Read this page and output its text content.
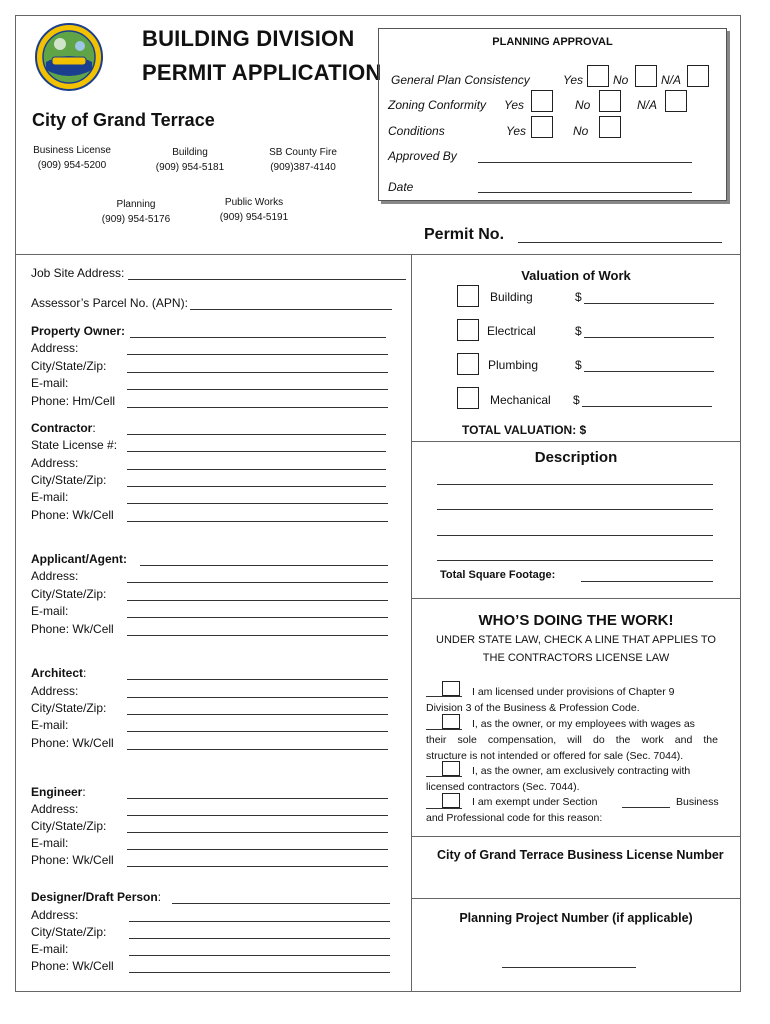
BUILDING DIVISION
PERMIT APPLICATION
City of Grand Terrace
Business License
(909) 954-5200
Building
(909) 954-5181
SB County Fire
(909)387-4140
Planning
(909) 954-5176
Public Works
(909) 954-5191
PLANNING APPROVAL
General Plan Consistency	Yes No	N/A
Zoning Conformity Yes	No	N/A
Conditions	Yes	No
Approved By
Date
Permit No.
Job Site Address:
Assessor’s Parcel No. (APN):
Property Owner:
Address:
City/State/Zip:
E-mail:
Phone: Hm/Cell
Contractor:
State License #:
Address:
City/State/Zip:
E-mail:
Phone: Wk/Cell
Applicant/Agent:
Address:
City/State/Zip:
E-mail:
Phone: Wk/Cell
Architect:
Address:
City/State/Zip:
E-mail:
Phone: Wk/Cell
Engineer:
Address:
City/State/Zip:
E-mail:
Phone: Wk/Cell
Designer/Draft Person:
Address:
City/State/Zip:
E-mail:
Phone: Wk/Cell
Valuation of Work
Building	$
Electrical	$
Plumbing	$
Mechanical $
TOTAL VALUATION: $
Description
Total Square Footage:
WHO’S DOING THE WORK!
UNDER STATE LAW, CHECK A LINE THAT APPLIES TO
THE CONTRACTORS LICENSE LAW
I am licensed under provisions of Chapter 9
Division 3 of the Business & Profession Code.
I, as the owner, or my employees with wages as
their sole compensation, will do the work and the
structure is not intended or offered for sale (Sec. 7044).
I, as the owner, am exclusively contracting with
licensed contractors (Sec. 7044).
I am exempt under Section	Business
and Professional code for this reason:
City of Grand Terrace Business License Number
Planning Project Number (if applicable)
